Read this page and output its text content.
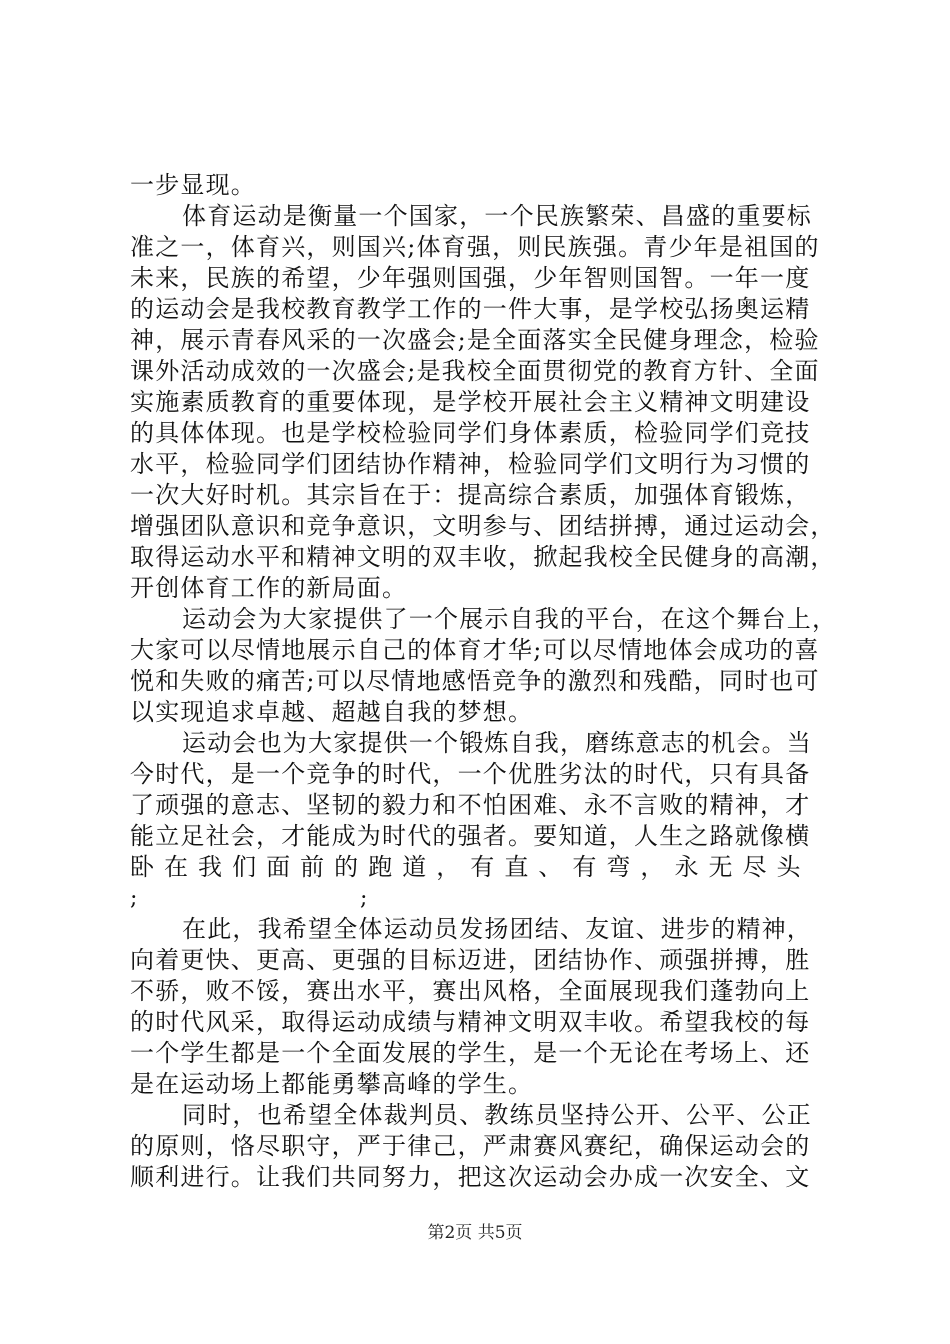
一步显现。
体育运动是衡量一个国家，一个民族繁荣、昌盛的重要标
准之一，体育兴，则国兴;体育强，则民族强。青少年是祖国的
未来，民族的希望，少年强则国强，少年智则国智。一年一度
的运动会是我校教育教学工作的一件大事，是学校弘扬奥运精
神，展示青春风采的一次盛会;是全面落实全民健身理念，检验
课外活动成效的一次盛会;是我校全面贯彻党的教育方针、全面
实施素质教育的重要体现，是学校开展社会主义精神文明建设
的具体体现。也是学校检验同学们身体素质，检验同学们竞技
水平，检验同学们团结协作精神，检验同学们文明行为习惯的
一次大好时机。其宗旨在于：提高综合素质，加强体育锻炼，
增强团队意识和竞争意识，文明参与、团结拼搏，通过运动会，
取得运动水平和精神文明的双丰收，掀起我校全民健身的高潮，
开创体育工作的新局面。
运动会为大家提供了一个展示自我的平台，在这个舞台上，
大家可以尽情地展示自己的体育才华;可以尽情地体会成功的喜
悦和失败的痛苦;可以尽情地感悟竞争的激烈和残酷，同时也可
以实现追求卓越、超越自我的梦想。
运动会也为大家提供一个锻炼自我，磨练意志的机会。当
今时代，是一个竞争的时代，一个优胜劣汰的时代，只有具备
了顽强的意志、坚韧的毅力和不怕困难、永不言败的精神，才
能立足社会，才能成为时代的强者。要知道，人生之路就像横
卧 在 我 们 面 前 的 跑 道 ， 有 直 、 有 弯 ， 永 无 尽 头
;	;
在此，我希望全体运动员发扬团结、友谊、进步的精神，
向着更快、更高、更强的目标迈进，团结协作、顽强拼搏，胜
不骄，败不馁，赛出水平，赛出风格，全面展现我们蓬勃向上
的时代风采，取得运动成绩与精神文明双丰收。希望我校的每
一个学生都是一个全面发展的学生，是一个无论在考场上、还
是在运动场上都能勇攀高峰的学生。
同时，也希望全体裁判员、教练员坚持公开、公平、公正
的原则，恪尽职守，严于律己，严肃赛风赛纪，确保运动会的
顺利进行。让我们共同努力，把这次运动会办成一次安全、文
第2页 共5页
